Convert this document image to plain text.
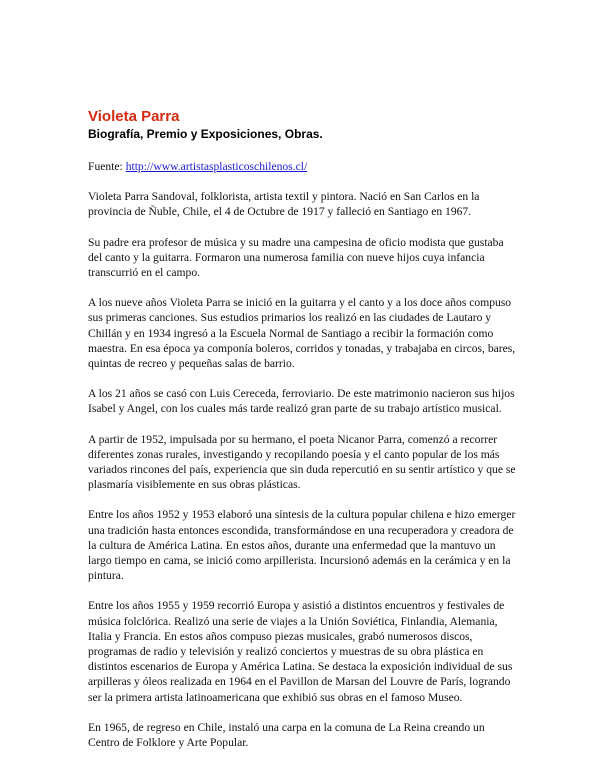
Violeta Parra
Biografía, Premio y Exposiciones, Obras.

Fuente: http://www.artistasplasticoschilenos.cl/

Violeta Parra Sandoval, folklorista, artista textil y pintora. Nació en San Carlos en la provincia de Ñuble, Chile, el 4 de Octubre de 1917 y falleció en Santiago en 1967.

Su padre era profesor de música y su madre una campesina de oficio modista que gustaba del canto y la guitarra. Formaron una numerosa familia con nueve hijos cuya infancia transcurrió en el campo.

A los nueve años Violeta Parra se inició en la guitarra y el canto y a los doce años compuso sus primeras canciones. Sus estudios primarios los realizó en las ciudades de Lautaro y Chillán y en 1934 ingresó a la Escuela Normal de Santiago a recibir la formación como maestra. En esa época ya componía boleros, corridos y tonadas, y trabajaba en circos, bares, quintas de recreo y pequeñas salas de barrio.

A los 21 años se casó con Luis Cereceda, ferroviario. De este matrimonio nacieron sus hijos Isabel y Angel, con los cuales más tarde realizó gran parte de su trabajo artístico musical.

A partir de 1952, impulsada por su hermano, el poeta Nicanor Parra, comenzó a recorrer diferentes zonas rurales, investigando y recopilando poesía y el canto popular de los más variados rincones del país, experiencia que sin duda repercutió en su sentir artístico y que se plasmaría visiblemente en sus obras plásticas.

Entre los años 1952 y 1953 elaboró una síntesis de la cultura popular chilena e hizo emerger una tradición hasta entonces escondida, transformándose en una recuperadora y creadora de la cultura de América Latina. En estos años, durante una enfermedad que la mantuvo un largo tiempo en cama, se inició como arpillerista. Incursionó además en la cerámica y en la pintura.

Entre los años 1955 y 1959 recorrió Europa y asistió a distintos encuentros y festivales de música folclórica. Realizó una serie de viajes a la Unión Soviética, Finlandia, Alemania, Italia y Francia. En estos años compuso piezas musicales, grabó numerosos discos, programas de radio y televisión y realizó conciertos y muestras de su obra plástica en distintos escenarios de Europa y América Latina. Se destaca la exposición individual de sus arpilleras y óleos realizada en 1964 en el Pavillon de Marsan del Louvre de París, logrando ser la primera artista latinoamericana que exhibió sus obras en el famoso Museo.

En 1965, de regreso en Chile, instaló una carpa en la comuna de La Reina creando un Centro de Folklore y Arte Popular.
